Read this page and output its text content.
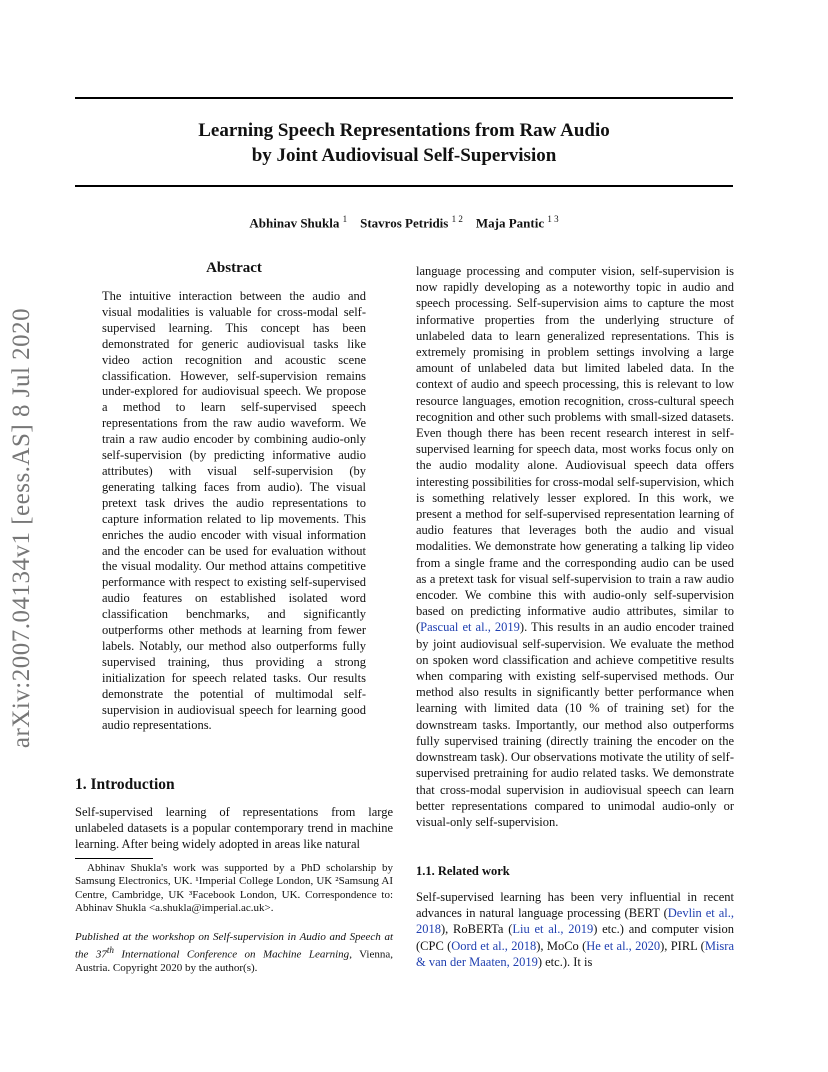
Learning Speech Representations from Raw Audio
by Joint Audiovisual Self-Supervision
Abhinav Shukla $^1$ Stavros Petridis $^{1 2}$ Maja Pantic $^{1 3}$
arXiv:2007.04134v1 [eess.AS] 8 Jul 2020
Abstract

The intuitive interaction between the audio and visual modalities is valuable for cross-modal self-supervised learning. This concept has been demonstrated for generic audiovisual tasks like video action recognition and acoustic scene classification. However, self-supervision remains under-explored for audiovisual speech. We propose a method to learn self-supervised speech representations from the raw audio waveform. We train a raw audio encoder by combining audio-only self-supervision (by predicting informative audio attributes) with visual self-supervision (by generating talking faces from audio). The visual pretext task drives the audio representations to capture information related to lip movements. This enriches the audio encoder with visual information and the encoder can be used for evaluation without the visual modality. Our method attains competitive performance with respect to existing self-supervised audio features on established isolated word classification benchmarks, and significantly outperforms other methods at learning from fewer labels. Notably, our method also outperforms fully supervised training, thus providing a strong initialization for speech related tasks. Our results demonstrate the potential of multimodal self-supervision in audiovisual speech for learning good audio representations.

1. Introduction

Self-supervised learning of representations from large unlabeled datasets is a popular contemporary trend in machine learning. After being widely adopted in areas like natural

Abhinav Shukla's work was supported by a PhD scholarship by Samsung Electronics, UK. ¹Imperial College London, UK ²Samsung AI Centre, Cambridge, UK ³Facebook London, UK. Correspondence to: Abhinav Shukla <a.shukla@imperial.ac.uk>.

Published at the workshop on Self-supervision in Audio and Speech at the 37th International Conference on Machine Learning, Vienna, Austria. Copyright 2020 by the author(s).

language processing and computer vision, self-supervision is now rapidly developing as a noteworthy topic in audio and speech processing. Self-supervision aims to capture the most informative properties from the underlying structure of unlabeled data to learn generalized representations. This is extremely promising in problem settings involving a large amount of unlabeled data but limited labeled data. In the context of audio and speech processing, this is relevant to low resource languages, emotion recognition, cross-cultural speech recognition and other such problems with small-sized datasets. Even though there has been recent research interest in self-supervised learning for speech data, most works focus only on the audio modality alone. Audiovisual speech data offers interesting possibilities for cross-modal self-supervision, which is something relatively lesser explored. In this work, we present a method for self-supervised representation learning of audio features that leverages both the audio and visual modalities. We demonstrate how generating a talking lip video from a single frame and the corresponding audio can be used as a pretext task for visual self-supervision to train a raw audio encoder. We combine this with audio-only self-supervision based on predicting informative audio attributes, similar to (Pascual et al., 2019). This results in an audio encoder trained by joint audiovisual self-supervision. We evaluate the method on spoken word classification and achieve competitive results when comparing with existing self-supervised methods. Our method also results in significantly better performance when learning with limited data (10 % of training set) for the downstream tasks. Importantly, our method also outperforms fully supervised training (directly training the encoder on the downstream task). Our observations motivate the utility of self-supervised pretraining for audio related tasks. We demonstrate that cross-modal supervision in audiovisual speech can learn better representations compared to unimodal audio-only or visual-only self-supervision.

1.1. Related work

Self-supervised learning has been very influential in recent advances in natural language processing (BERT (Devlin et al., 2018), RoBERTa (Liu et al., 2019) etc.) and computer vision (CPC (Oord et al., 2018), MoCo (He et al., 2020), PIRL (Misra & van der Maaten, 2019) etc.). It is
